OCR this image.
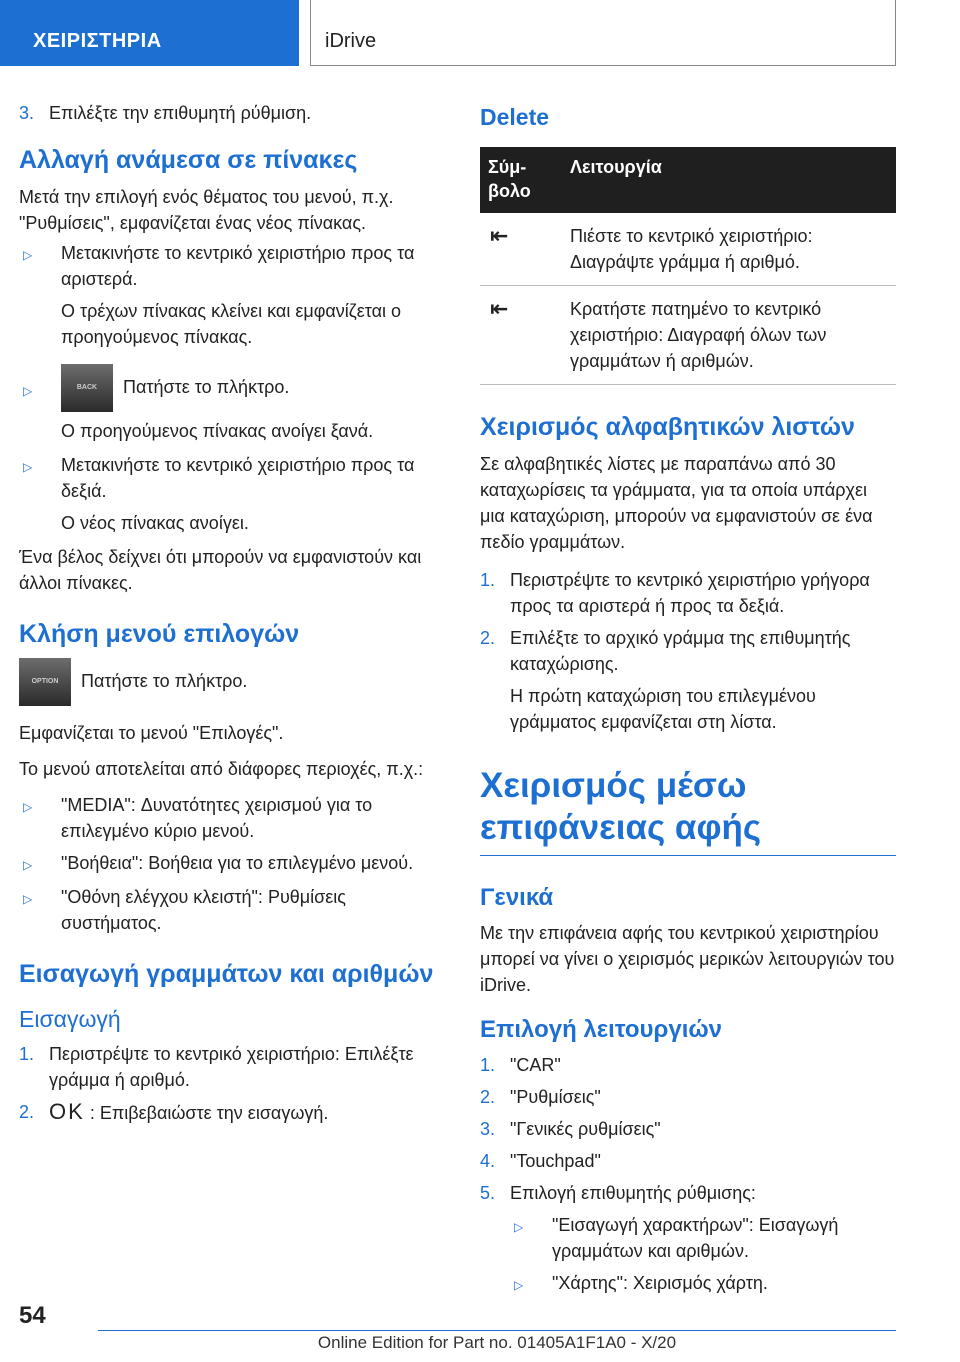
ΧΕΙΡΙΣΤΗΡΙΑ	iDrive
3. Επιλέξτε την επιθυμητή ρύθμιση.
Αλλαγή ανάμεσα σε πίνακες

Μετά την επιλογή ενός θέματος του μενού, π.χ. "Ρυθμίσεις", εμφανίζεται ένας νέος πίνακας.

▷	Μετακινήστε το κεντρικό χειριστήριο προς τα αριστερά.
Ο τρέχων πίνακας κλείνει και εμφανίζεται ο προηγούμενος πίνακας.
▷	BACK Πατήστε το πλήκτρο.
Ο προηγούμενος πίνακας ανοίγει ξανά.
▷	Μετακινήστε το κεντρικό χειριστήριο προς τα δεξιά.
Ο νέος πίνακας ανοίγει.

Ένα βέλος δείχνει ότι μπορούν να εμφανιστούν και άλλοι πίνακες.

Κλήση μενού επιλογών

OPTION Πατήστε το πλήκτρο.

Εμφανίζεται το μενού "Επιλογές".

Το μενού αποτελείται από διάφορες περιοχές, π.χ.:

▷	"MEDIA": Δυνατότητες χειρισμού για το επιλεγμένο κύριο μενού.
▷	"Βοήθεια": Βοήθεια για το επιλεγμένο μενού.
▷	"Οθόνη ελέγχου κλειστή": Ρυθμίσεις συστήματος.
Εισαγωγή γραμμάτων και αριθμών
Εισαγωγή
1. Περιστρέψτε το κεντρικό χειριστήριο: Επιλέξτε γράμμα ή αριθμό.
2. OK : Επιβεβαιώστε την εισαγωγή.
Delete
Σύμ-βολο	Λειτουργία
⇤	Πιέστε το κεντρικό χειριστήριο: Διαγράψτε γράμμα ή αριθμό.
⇤	Κρατήστε πατημένο το κεντρικό χειριστήριο: Διαγραφή όλων των γραμμάτων ή αριθμών.
Χειρισμός αλφαβητικών λιστών

Σε αλφαβητικές λίστες με παραπάνω από 30 καταχωρίσεις τα γράμματα, για τα οποία υπάρχει μια καταχώριση, μπορούν να εμφανιστούν σε ένα πεδίο γραμμάτων.

1. Περιστρέψτε το κεντρικό χειριστήριο γρήγορα προς τα αριστερά ή προς τα δεξιά.
2. Επιλέξτε το αρχικό γράμμα της επιθυμητής καταχώρισης.
Η πρώτη καταχώριση του επιλεγμένου γράμματος εμφανίζεται στη λίστα.
Χειρισμός μέσω επιφάνειας αφής
Γενικά

Με την επιφάνεια αφής του κεντρικού χειριστηρίου μπορεί να γίνει ο χειρισμός μερικών λειτουργιών του iDrive.

Επιλογή λειτουργιών
1. "CAR"
2. "Ρυθμίσεις"
3. "Γενικές ρυθμίσεις"
4. "Touchpad"
5. Επιλογή επιθυμητής ρύθμισης:
▷	"Εισαγωγή χαρακτήρων": Εισαγωγή γραμμάτων και αριθμών.
▷	"Χάρτης": Χειρισμός χάρτη.
54
Online Edition for Part no. 01405A1F1A0 - X/20
